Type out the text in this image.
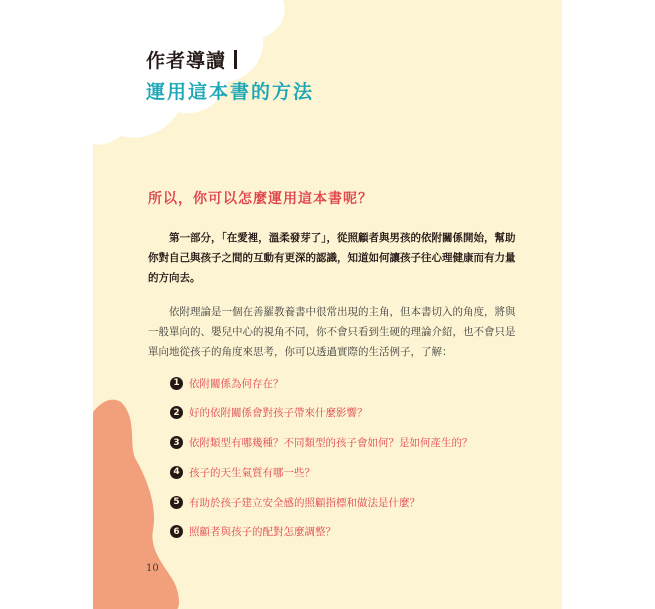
作者導讀
運用這本書的方法
所以，你可以怎麼運用這本書呢？

第一部分，「在愛裡，溫柔發芽了」，從照顧者與男孩的依附關係開始，幫助你對自己與孩子之間的互動有更深的認識，知道如何讓孩子往心理健康而有力量的方向去。

依附理論是一個在善羅教養書中很常出現的主角，但本書切入的角度，將與一般單向的、嬰兒中心的視角不同，你不會只看到生硬的理論介紹，也不會只是單向地從孩子的角度來思考，你可以透過實際的生活例子，了解：

1 依附關係為何存在？
2 好的依附關係會對孩子帶來什麼影響？
3 依附類型有哪幾種？不同類型的孩子會如何？是如何產生的？
4 孩子的天生氣質有哪一些？
5 有助於孩子建立安全感的照顧指標和做法是什麼？
6 照顧者與孩子的配對怎麼調整？
10
